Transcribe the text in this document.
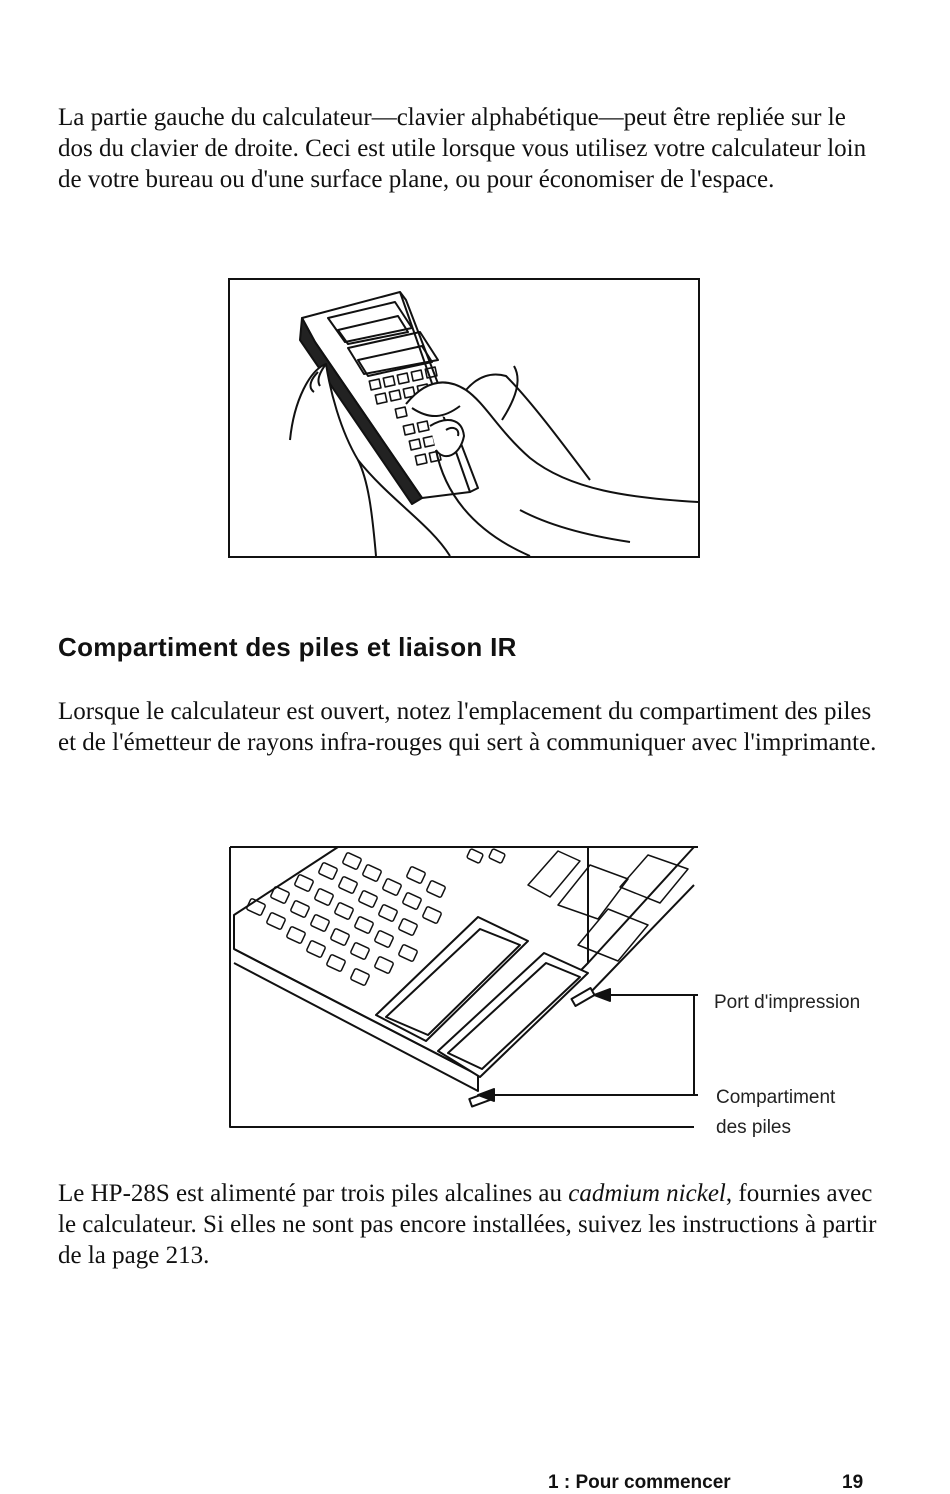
La partie gauche du calculateur—clavier alphabétique—peut être repliée sur le dos du clavier de droite. Ceci est utile lorsque vous utilisez votre calculateur loin de votre bureau ou d'une surface plane, ou pour économiser de l'espace.

Compartiment des piles et liaison IR

Lorsque le calculateur est ouvert, notez l'emplacement du compartiment des piles et de l'émetteur de rayons infra-rouges qui sert à communiquer avec l'imprimante.

Port d'impression
Compartiment
des piles

Le HP-28S est alimenté par trois piles alcalines au cadmium nickel, fournies avec le calculateur. Si elles ne sont pas encore installées, suivez les instructions à partir de la page 213.

1 : Pour commencer	19
